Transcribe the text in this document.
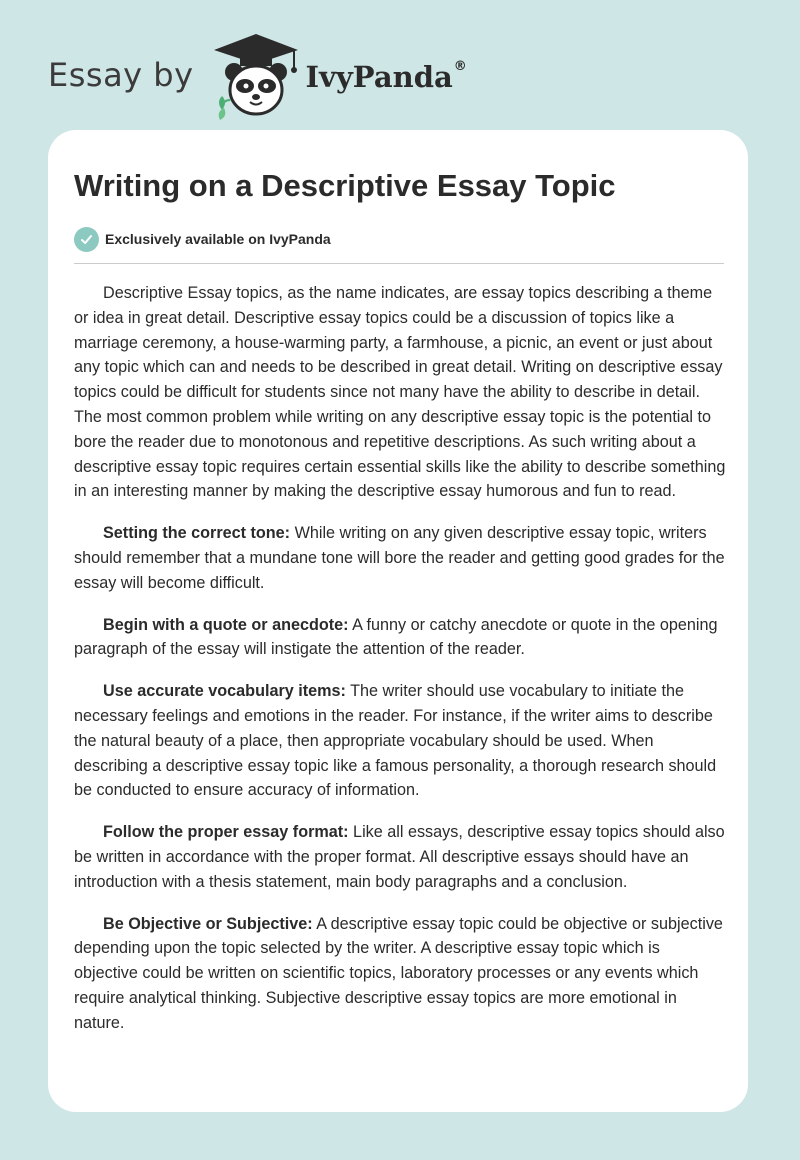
Essay by	IvyPanda®
Writing on a Descriptive Essay Topic
Exclusively available on IvyPanda

Descriptive Essay topics, as the name indicates, are essay topics describing a theme or idea in great detail. Descriptive essay topics could be a discussion of topics like a marriage ceremony, a house-warming party, a farmhouse, a picnic, an event or just about any topic which can and needs to be described in great detail. Writing on descriptive essay topics could be difficult for students since not many have the ability to describe in detail. The most common problem while writing on any descriptive essay topic is the potential to bore the reader due to monotonous and repetitive descriptions. As such writing about a descriptive essay topic requires certain essential skills like the ability to describe something in an interesting manner by making the descriptive essay humorous and fun to read.

Setting the correct tone: While writing on any given descriptive essay topic, writers should remember that a mundane tone will bore the reader and getting good grades for the essay will become difficult.

Begin with a quote or anecdote: A funny or catchy anecdote or quote in the opening paragraph of the essay will instigate the attention of the reader.

Use accurate vocabulary items: The writer should use vocabulary to initiate the necessary feelings and emotions in the reader. For instance, if the writer aims to describe the natural beauty of a place, then appropriate vocabulary should be used. When describing a descriptive essay topic like a famous personality, a thorough research should be conducted to ensure accuracy of information.

Follow the proper essay format: Like all essays, descriptive essay topics should also be written in accordance with the proper format. All descriptive essays should have an introduction with a thesis statement, main body paragraphs and a conclusion.

Be Objective or Subjective: A descriptive essay topic could be objective or subjective depending upon the topic selected by the writer. A descriptive essay topic which is objective could be written on scientific topics, laboratory processes or any events which require analytical thinking. Subjective descriptive essay topics are more emotional in nature.
